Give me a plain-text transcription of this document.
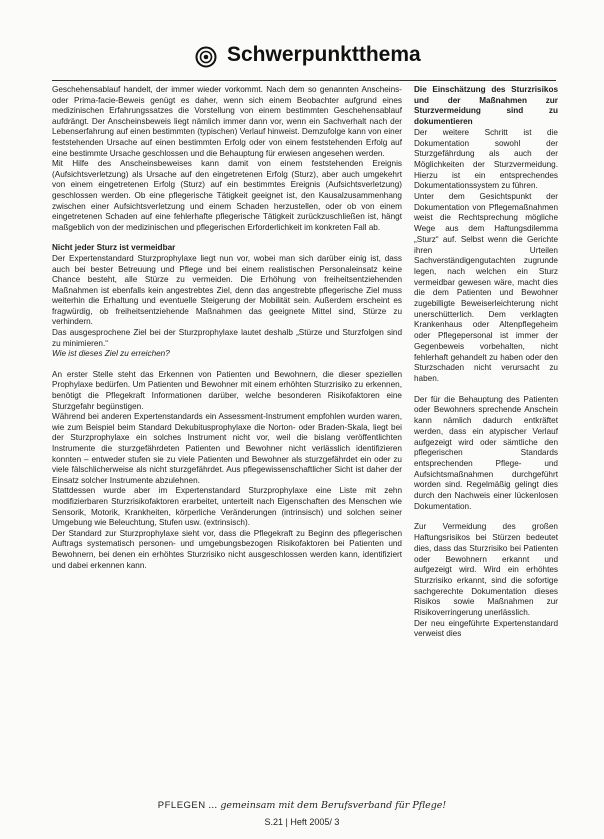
Schwerpunktthema

Geschehensablauf handelt, der immer wieder vorkommt. Nach dem so genannten Anscheins- oder Prima-facie-Beweis genügt es daher, wenn sich einem Beobachter aufgrund eines medizinischen Erfahrungssatzes die Vorstellung von einem bestimmten Geschehensablauf aufdrängt. Der Anscheinsbeweis liegt nämlich immer dann vor, wenn ein Sachverhalt nach der Lebenserfahrung auf einen bestimmten (typischen) Verlauf hinweist. Demzufolge kann von einer feststehenden Ursache auf einen bestimmten Erfolg oder von einem feststehenden Erfolg auf eine bestimmte Ursache geschlossen und die Behauptung für erwiesen angesehen werden.

Mit Hilfe des Anscheinsbeweises kann damit von einem feststehenden Ereignis (Aufsichtsverletzung) als Ursache auf den eingetretenen Erfolg (Sturz), aber auch umgekehrt von einem eingetretenen Erfolg (Sturz) auf ein bestimmtes Ereignis (Aufsichtsverletzung) geschlossen werden. Ob eine pflegerische Tätigkeit geeignet ist, den Kausalzusammenhang zwischen einer Aufsichtsverletzung und einem Schaden herzustellen, oder ob von einem eingetretenen Schaden auf eine fehlerhafte pflegerische Tätigkeit zurückzuschließen ist, hängt maßgeblich von der medizinischen und pflegerischen Erforderlichkeit im konkreten Fall ab.

Nicht jeder Sturz ist vermeidbar

Der Expertenstandard Sturzprophylaxe liegt nun vor, wobei man sich darüber einig ist, dass auch bei bester Betreuung und Pflege und bei einem realistischen Personaleinsatz keine Chance besteht, alle Stürze zu vermeiden. Die Erhöhung von freiheitsentziehenden Maßnahmen ist ebenfalls kein angestrebtes Ziel, denn das angestrebte pflegerische Ziel muss weiterhin die Erhaltung und eventuelle Steigerung der Mobilität sein. Außerdem erscheint es fragwürdig, ob freiheitsentziehende Maßnahmen das geeignete Mittel sind, Stürze zu verhindern.

Das ausgesprochene Ziel bei der Sturzprophylaxe lautet deshalb „Stürze und Sturzfolgen sind zu minimieren.“

Wie ist dieses Ziel zu erreichen?

An erster Stelle steht das Erkennen von Patienten und Bewohnern, die dieser speziellen Prophylaxe bedürfen. Um Patienten und Bewohner mit einem erhöhten Sturzrisiko zu erkennen, benötigt die Pflegekraft Informationen darüber, welche besonderen Risikofaktoren eine Sturzgefahr begünstigen.

Während bei anderen Expertenstandards ein Assessment-Instrument empfohlen wurden waren, wie zum Beispiel beim Standard Dekubitusprophylaxe die Norton- oder Braden-Skala, liegt bei der Sturzprophylaxe ein solches Instrument nicht vor, weil die bislang veröffentlichten Instrumente die sturzgefährdeten Patienten und Bewohner nicht verlässlich identifizieren konnten – entweder stufen sie zu viele Patienten und Bewohner als sturzgefährdet ein oder zu viele fälschlicherweise als nicht sturzgefährdet. Aus pflegewissenschaftlicher Sicht ist daher der Einsatz solcher Instrumente abzulehnen.

Stattdessen wurde aber im Expertenstandard Sturzprophylaxe eine Liste mit zehn modifizierbaren Sturzrisikofaktoren erarbeitet, unterteilt nach Eigenschaften des Menschen wie Sensorik, Motorik, Krankheiten, körperliche Veränderungen (intrinsisch) und solchen seiner Umgebung wie Beleuchtung, Stufen usw. (extrinsisch).

Der Standard zur Sturzprophylaxe sieht vor, dass die Pflegekraft zu Beginn des pflegerischen Auftrags systematisch personen- und umgebungsbezogen Risikofaktoren bei Patienten und Bewohnern, bei denen ein erhöhtes Sturzrisiko nicht ausgeschlossen werden kann, identifiziert und dabei erkennen kann.

Die Einschätzung des Sturzrisikos und der Maßnahmen zur Sturzvermeidung sind zu dokumentieren

Der weitere Schritt ist die Dokumentation sowohl der Sturzgefährdung als auch der Möglichkeiten der Sturzvermeidung. Hierzu ist ein entsprechendes Dokumentationssystem zu führen.

Unter dem Gesichtspunkt der Dokumentation von Pflegemaßnahmen weist die Rechtsprechung mögliche Wege aus dem Haftungsdilemma „Sturz“ auf. Selbst wenn die Gerichte ihren Urteilen Sachverständigengutachten zugrunde legen, nach welchen ein Sturz vermeidbar gewesen wäre, macht dies die dem Patienten und Bewohner zugebilligte Beweiserleichterung nicht unerschütterlich. Dem verklagten Krankenhaus oder Altenpflegeheim oder Pflegepersonal ist immer der Gegenbeweis vorbehalten, nicht fehlerhaft gehandelt zu haben oder den Sturzschaden nicht verursacht zu haben.

Der für die Behauptung des Patienten oder Bewohners sprechende Anschein kann nämlich dadurch entkräftet werden, dass ein atypischer Verlauf aufgezeigt wird oder sämtliche den pflegerischen Standards entsprechenden Pflege- und Aufsichtsmaßnahmen durchgeführt worden sind. Regelmäßig gelingt dies durch den Nachweis einer lückenlosen Dokumentation.

Zur Vermeidung des großen Haftungsrisikos bei Stürzen bedeutet dies, dass das Sturzrisiko bei Patienten oder Bewohnern erkannt und aufgezeigt wird. Wird ein erhöhtes Sturzrisiko erkannt, sind die sofortige sachgerechte Dokumentation dieses Risikos sowie Maßnahmen zur Risikoverringerung unerlässlich.

Der neu eingeführte Expertenstandard verweist dies

PFLEGEN ... gemeinsam mit dem Berufsverband für Pflege!
S.21 | Heft 2005/ 3
